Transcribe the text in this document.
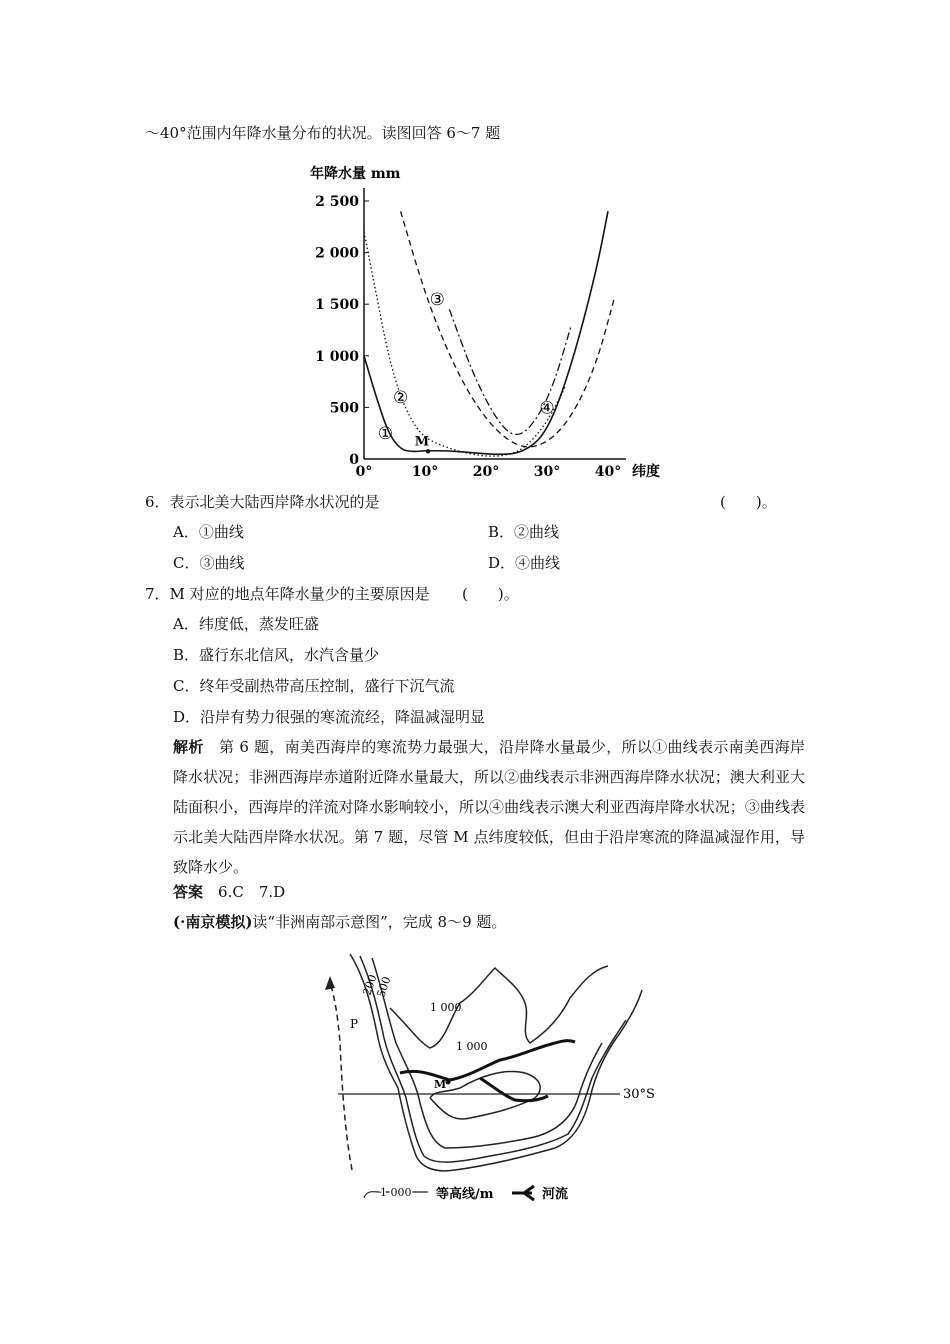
～40°范围内年降水量分布的状况。读图回答 6～7 题
年降水量 mm
2 500
2 000
1 500
1 000
500
0
0°	10° 20° 30° 40° 纬度
①
②
③
④
M
6．表示北美大陆西岸降水状况的是	(　　)。
A．①曲线	B．②曲线
C．③曲线	D．④曲线
7．M 对应的地点年降水量少的主要原因是 (　　)。
A．纬度低，蒸发旺盛
B．盛行东北信风，水汽含量少
C．终年受副热带高压控制，盛行下沉气流
D．沿岸有势力很强的寒流流经，降温减湿明显
解析　 第 6 题，南美西海岸的寒流势力最强大，沿岸降水量最少，所以①曲线表示南美西海岸降水状况；非洲西海岸赤道附近降水量最大，所以②曲线表示非洲西海岸降水状况；澳大利亚大陆面积小，西海岸的洋流对降水影响较小，所以④曲线表示澳大利亚西海岸降水状况；③曲线表示北美大陆西岸降水状况。第 7 题，尽管 M 点纬度较低，但由于沿岸寒流的降温减湿作用，导致降水少。
答案　 6.C　7.D
(·南京模拟)读“非洲南部示意图”，完成 8～9 题。
30°S
P
200
500
1 000
1 000
M
1 000 等高线/m	河流
